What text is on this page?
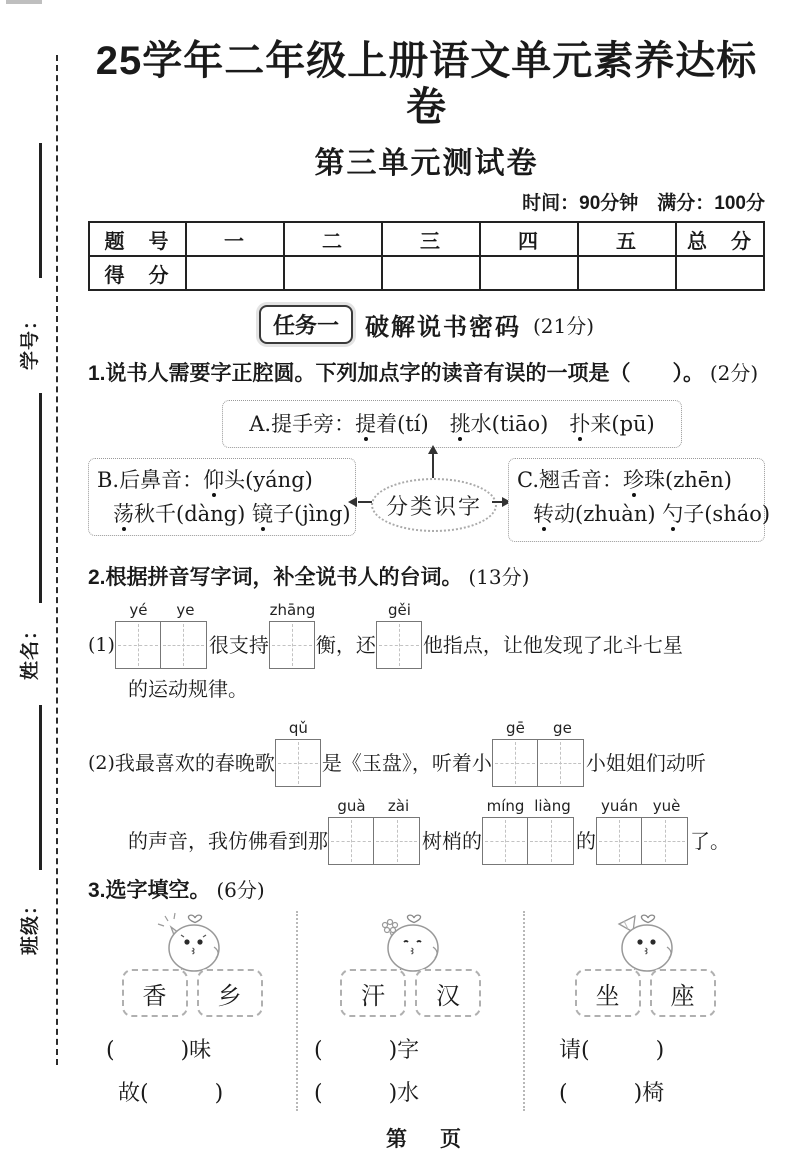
学号：
姓名：
班级：
25学年二年级上册语文单元素养达标卷
第三单元测试卷
时间：90分钟　满分：100分
题　号	一	二	三	四	五	总　分
得　分						
任务一	破解说书密码 (21分)
1.说书人需要字正腔圆。下列加点字的读音有误的一项是（　　）。 (2分)
A.提手旁：提着(tí)　挑水(tiāo)　扑来(pū)
B.后鼻音：仰头(yáng)
荡秋千(dàng) 镜子(jìng)	分类识字
C.翘舌音：珍珠(zhēn)
转动(zhuàn) 勺子(sháo)
2.根据拼音写字词，补全说书人的台词。 (13分)
(1)
yé	ye
很支持
zhāng
衡，还
gěi
他指点，让他发现了北斗七星
的运动规律。
(2) 我最喜欢的春晚歌
qǔ
是《玉盘》，听着小
gē	ge
小姐姐们动听
的声音，我仿佛看到那
guà	zài
树梢的
míng liàng
的
yuán yuè
了。
3.选字填空。 (6分)
香	乡
(　　　)味
故(　　　)
汗	汉
(　　　)字
(　　　)水
坐	座
请(　　　)
(　　　)椅
第　页
